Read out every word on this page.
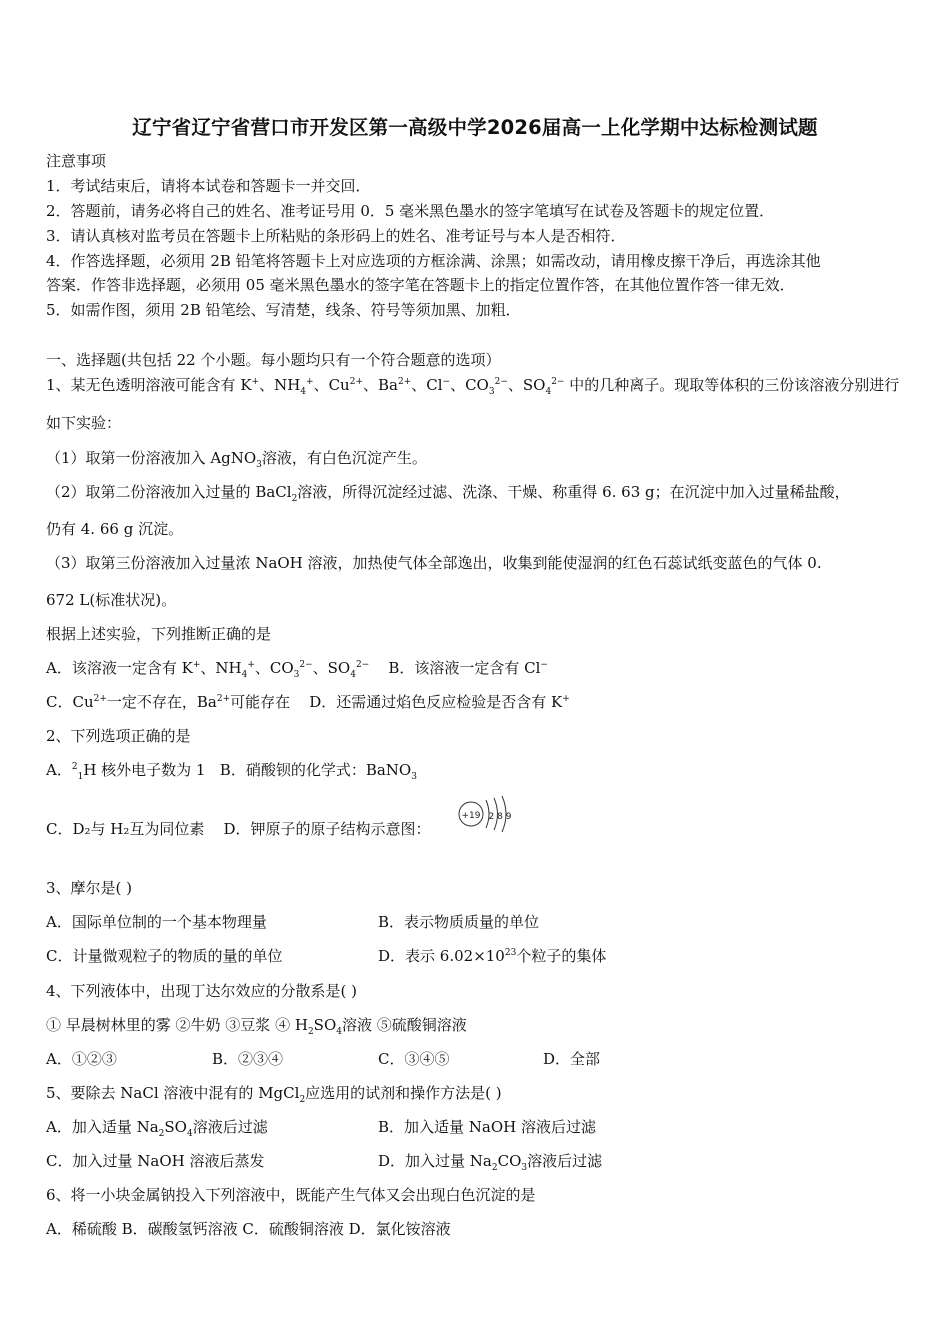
辽宁省辽宁省营口市开发区第一高级中学2026届高一上化学期中达标检测试题
注意事项
1．考试结束后，请将本试卷和答题卡一并交回．
2．答题前，请务必将自己的姓名、准考证号用 0．5 毫米黑色墨水的签字笔填写在试卷及答题卡的规定位置．
3．请认真核对监考员在答题卡上所粘贴的条形码上的姓名、准考证号与本人是否相符．
4．作答选择题，必须用 2B 铅笔将答题卡上对应选项的方框涂满、涂黑；如需改动，请用橡皮擦干净后，再选涂其他
答案．作答非选择题，必须用 05 毫米黑色墨水的签字笔在答题卡上的指定位置作答，在其他位置作答一律无效．
5．如需作图，须用 2B 铅笔绘、写清楚，线条、符号等须加黑、加粗．
一、选择题(共包括 22 个小题。每小题均只有一个符合题意的选项）
1、某无色透明溶液可能含有 K+、$NH_4^+$、$Cu^{2+}$、$Ba^{2+}$、Cl−、$CO_3^{2-}$、$SO_4^{2-}$ 中的几种离子。现取等体积的三份该溶液分别进行
如下实验：
（1）取第一份溶液加入 AgNO$_3$溶液，有白色沉淀产生。
（2）取第二份溶液加入过量的 BaCl$_2$溶液，所得沉淀经过滤、洗涤、干燥、称重得 6. 63 g；在沉淀中加入过量稀盐酸，
仍有 4. 66 g 沉淀。
（3）取第三份溶液加入过量浓 NaOH 溶液，加热使气体全部逸出，收集到能使湿润的红色石蕊试纸变蓝色的气体 0.
672 L(标准状况)。
根据上述实验，下列推断正确的是
A．该溶液一定含有 K+、$NH_4^+$、$CO_3^{2-}$、$SO_4^{2-}$ B．该溶液一定含有 Cl−
C．$Cu^{2+}$一定不存在，$Ba^{2+}$可能存在 D．还需通过焰色反应检验是否含有 K+
2、下列选项正确的是
A．$^2_1$H 核外电子数为 1 B．硝酸钡的化学式：BaNO$_3$
C．D₂与 H₂互为同位素 D．钾原子的原子结构示意图：
+19 2 8 9
3、摩尔是( )
A．国际单位制的一个基本物理量	B．表示物质质量的单位
C．计量微观粒子的物质的量的单位	D．表示 $6.02\times 10^{23}$个粒子的集体
4、下列液体中，出现丁达尔效应的分散系是( )
① 早晨树林里的雾 ②牛奶 ③豆浆 ④ $H_2SO_4$溶液 ⑤硫酸铜溶液
A．①②③	B．②③④	C．③④⑤	D．全部
5、要除去 NaCl 溶液中混有的 MgCl$_2$应选用的试剂和操作方法是( )
A．加入适量 $Na_2SO_4$溶液后过滤	B．加入适量 NaOH 溶液后过滤
C．加入过量 NaOH 溶液后蒸发	D．加入过量 $Na_2CO_3$溶液后过滤
6、将一小块金属钠投入下列溶液中，既能产生气体又会出现白色沉淀的是
A．稀硫酸 B．碳酸氢钙溶液 C．硫酸铜溶液 D．氯化铵溶液
